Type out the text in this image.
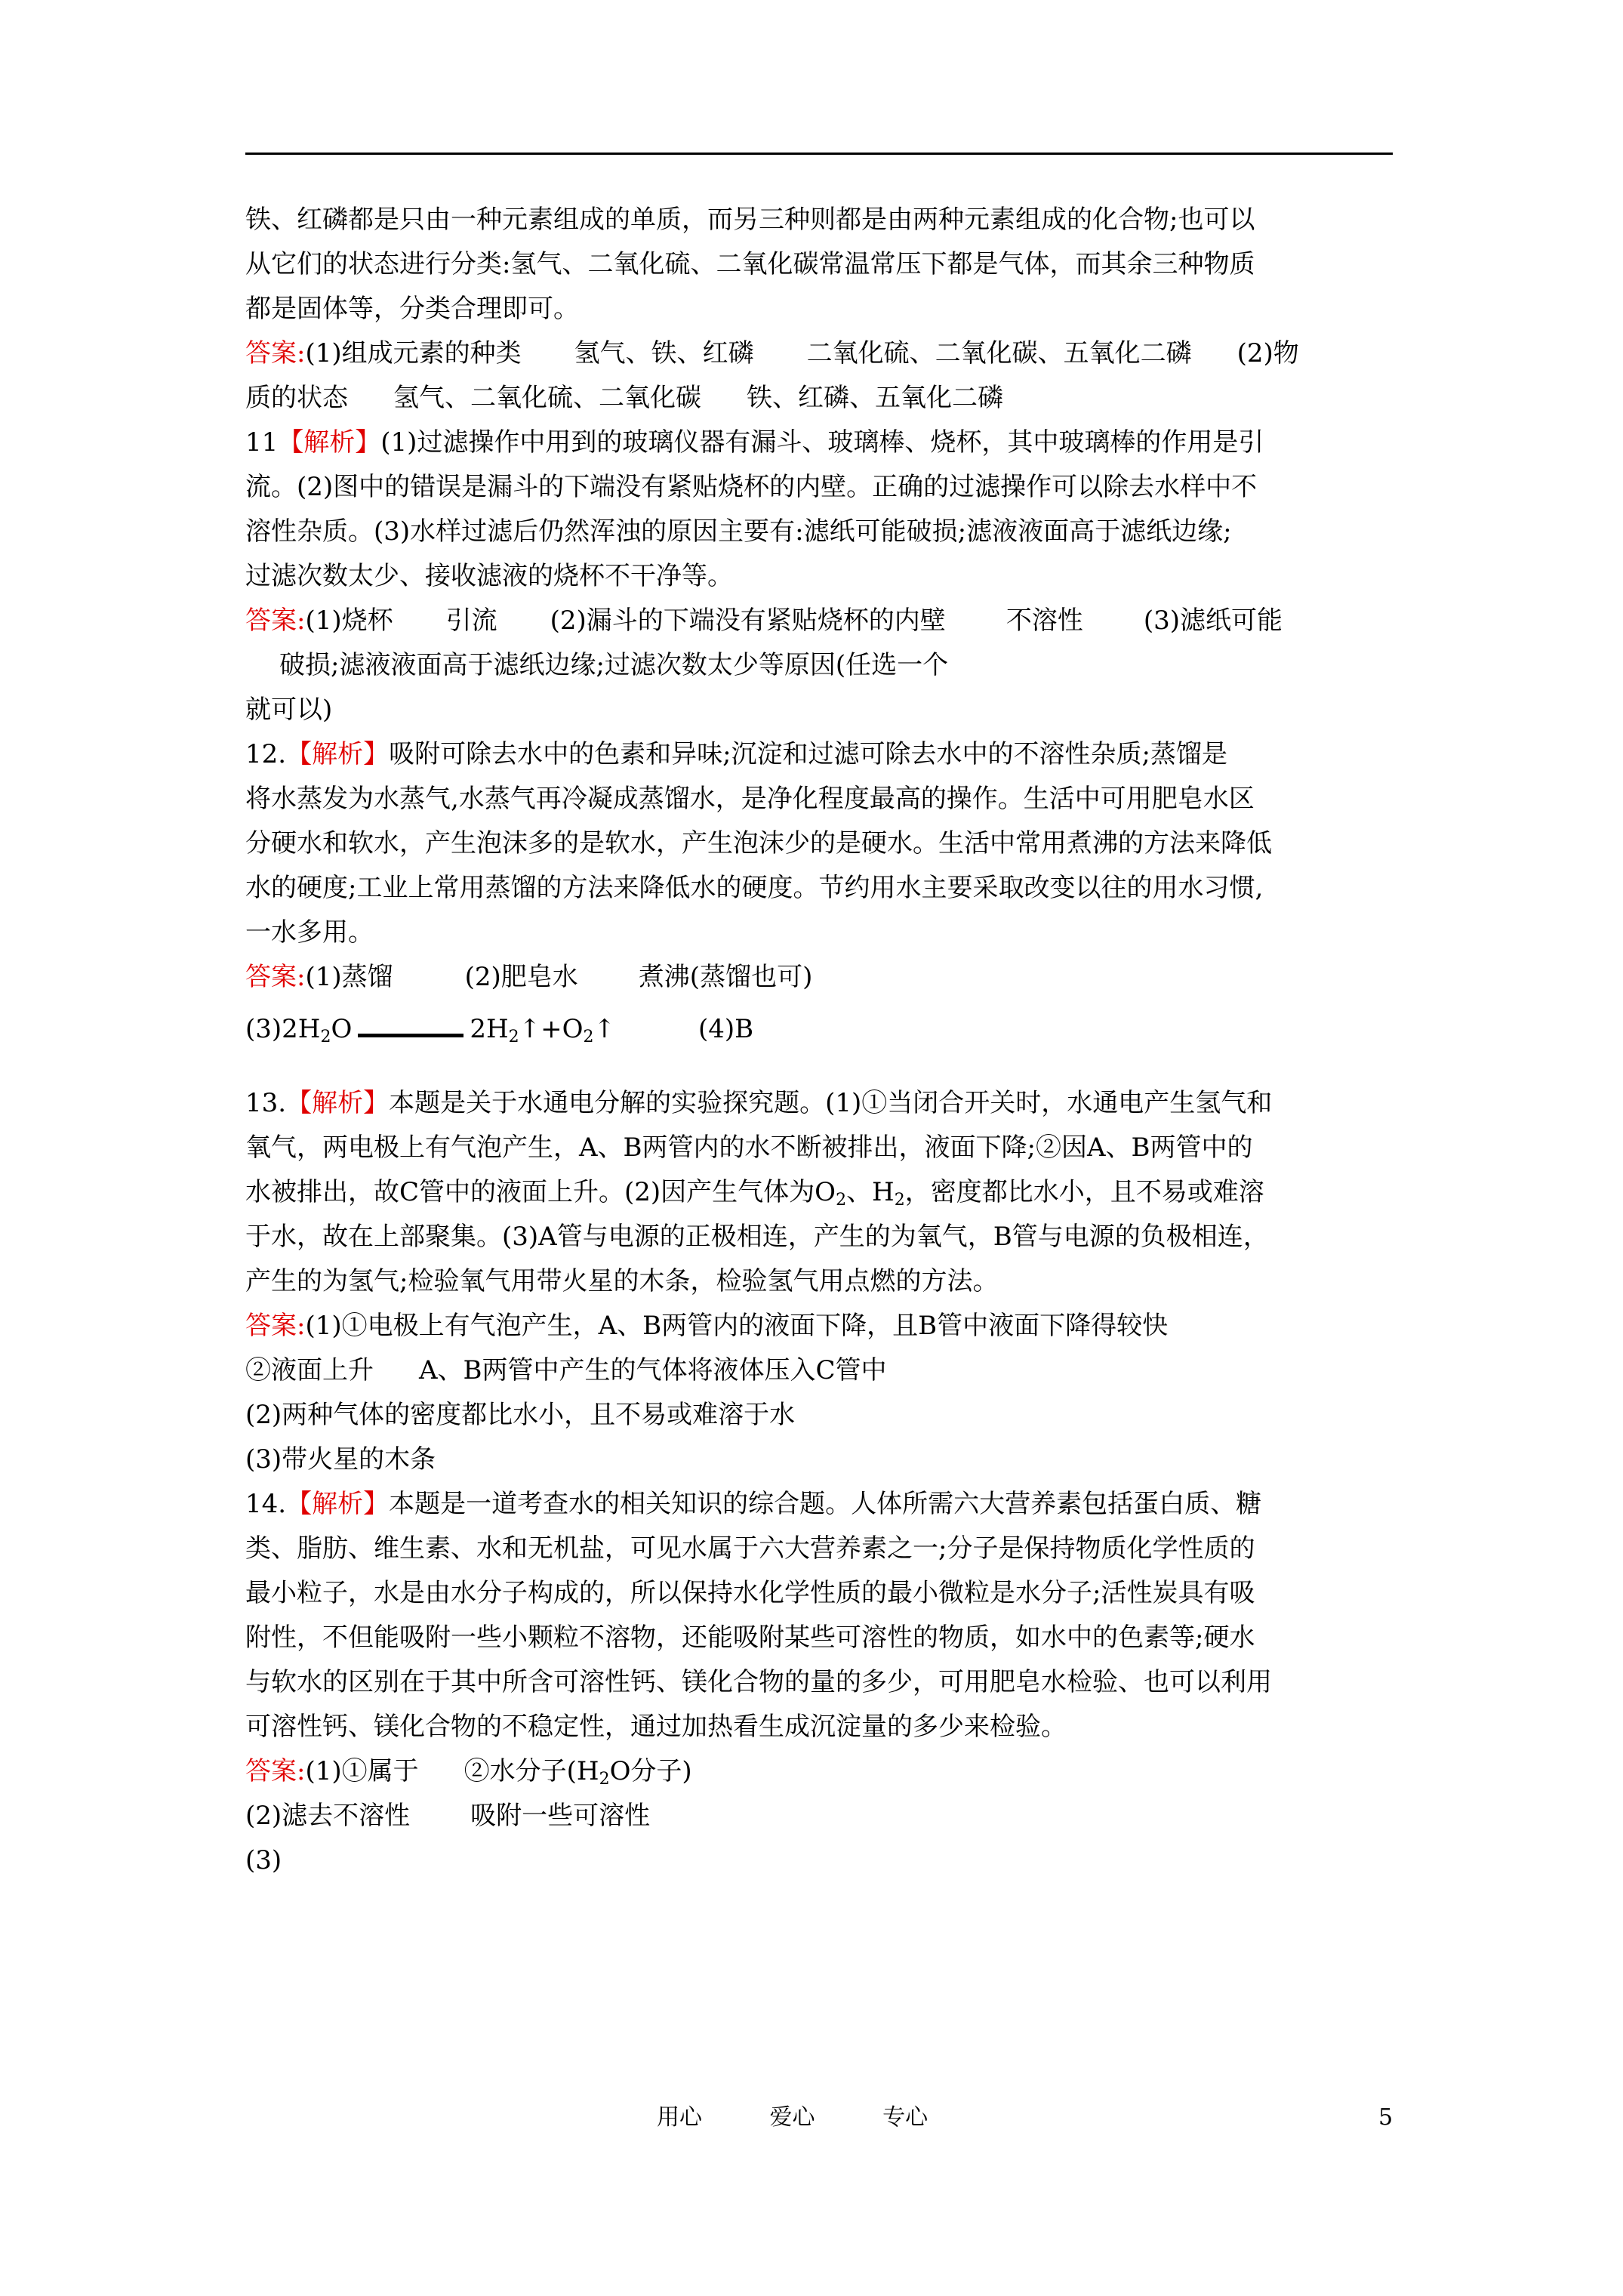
铁、红磷都是只由一种元素组成的单质，而另三种则都是由两种元素组成的化合物;也可以
从它们的状态进行分类:氢气、二氧化硫、二氧化碳常温常压下都是气体，而其余三种物质
都是固体等，分类合理即可。
答案:(1)组成元素的种类 氢气、铁、红磷 二氧化硫、二氧化碳、五氧化二磷 (2)物
质的状态 氢气、二氧化硫、二氧化碳 铁、红磷、五氧化二磷
11【解析】(1)过滤操作中用到的玻璃仪器有漏斗、玻璃棒、烧杯，其中玻璃棒的作用是引
流。(2)图中的错误是漏斗的下端没有紧贴烧杯的内壁。正确的过滤操作可以除去水样中不
溶性杂质。(3)水样过滤后仍然浑浊的原因主要有:滤纸可能破损;滤液液面高于滤纸边缘;
过滤次数太少、接收滤液的烧杯不干净等。
答案:(1)烧杯 引流 (2)漏斗的下端没有紧贴烧杯的内壁 不溶性 (3)滤纸可能
破损;滤液液面高于滤纸边缘;过滤次数太少等原因(任选一个
就可以)
12.【解析】吸附可除去水中的色素和异味;沉淀和过滤可除去水中的不溶性杂质;蒸馏是
将水蒸发为水蒸气,水蒸气再冷凝成蒸馏水，是净化程度最高的操作。生活中可用肥皂水区
分硬水和软水，产生泡沫多的是软水，产生泡沫少的是硬水。生活中常用煮沸的方法来降低
水的硬度;工业上常用蒸馏的方法来降低水的硬度。节约用水主要采取改变以往的用水习惯,
一水多用。
答案:(1)蒸馏	(2)肥皂水 煮沸(蒸馏也可)
$(3)2H_2O$	$2H_2↑+O_2↑$	(4)B
13.【解析】本题是关于水通电分解的实验探究题。(1)①当闭合开关时，水通电产生氢气和
氧气，两电极上有气泡产生，A、B两管内的水不断被排出，液面下降;②因A、B两管中的
水被排出，故C管中的液面上升。(2)因产生气体为$O_2$、$H_2$，密度都比水小，且不易或难溶
于水，故在上部聚集。(3)A管与电源的正极相连，产生的为氧气，B管与电源的负极相连，
产生的为氢气;检验氧气用带火星的木条，检验氢气用点燃的方法。
答案:(1)①电极上有气泡产生，A、B两管内的液面下降，且B管中液面下降得较快
②液面上升 A、B两管中产生的气体将液体压入C管中
(2)两种气体的密度都比水小，且不易或难溶于水
(3)带火星的木条
14.【解析】本题是一道考查水的相关知识的综合题。人体所需六大营养素包括蛋白质、糖
类、脂肪、维生素、水和无机盐，可见水属于六大营养素之一;分子是保持物质化学性质的
最小粒子，水是由水分子构成的，所以保持水化学性质的最小微粒是水分子;活性炭具有吸
附性，不但能吸附一些小颗粒不溶物，还能吸附某些可溶性的物质，如水中的色素等;硬水
与软水的区别在于其中所含可溶性钙、镁化合物的量的多少，可用肥皂水检验、也可以利用
可溶性钙、镁化合物的不稳定性，通过加热看生成沉淀量的多少来检验。
答案:(1)①属于 ②水分子($H_2O$分子)
(2)滤去不溶性 吸附一些可溶性
(3)
用心	爱心	专心	5
